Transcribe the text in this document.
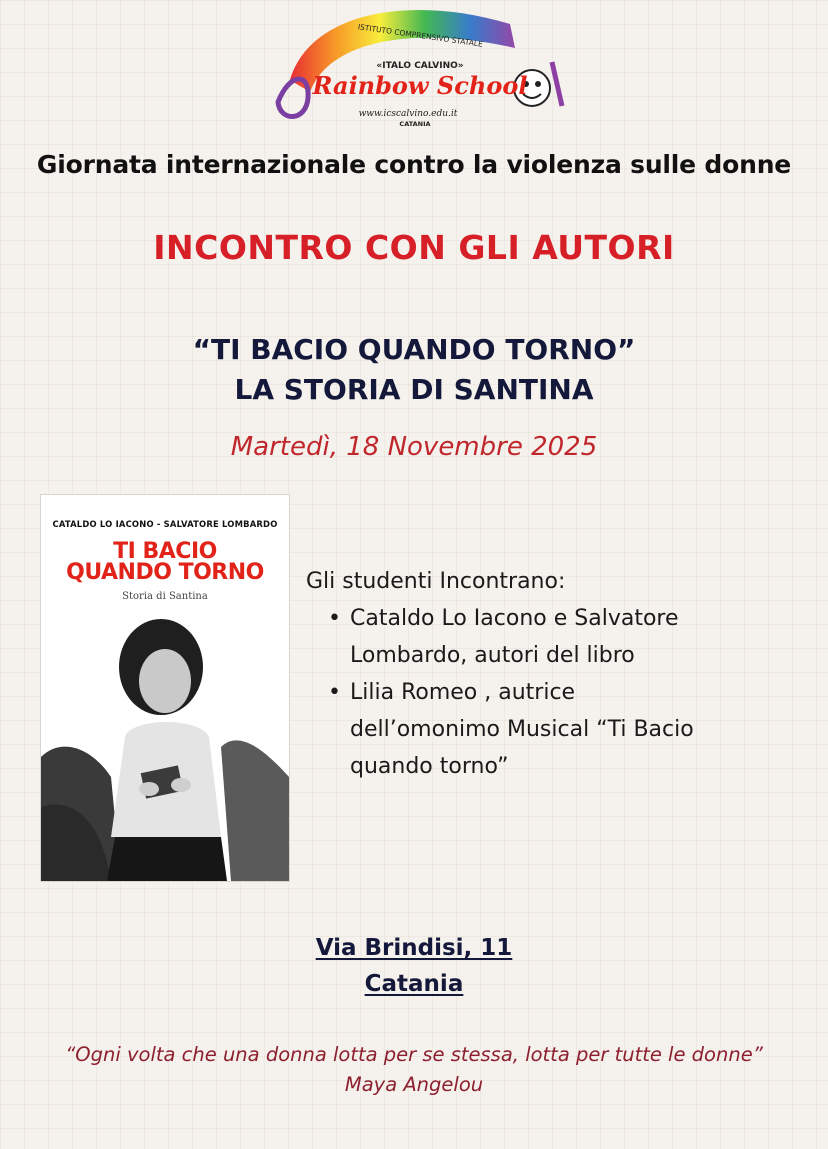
ISTITUTO COMPRENSIVO STATALE
«ITALO CALVINO»
Rainbow School
www.icscalvino.edu.it
CATANIA
Giornata internazionale contro la violenza sulle donne
INCONTRO CON GLI AUTORI
“TI BACIO QUANDO TORNO”
LA STORIA DI SANTINA
Martedì, 18 Novembre 2025
CATALDO LO IACONO - SALVATORE LOMBARDO
TI BACIO
QUANDO TORNO
Storia di Santina
Gli studenti Incontrano:
• Cataldo Lo Iacono e Salvatore
Lombardo, autori del libro
• Lilia Romeo , autrice
dell’omonimo Musical “Ti Bacio
quando torno”
Via Brindisi, 11
Catania
“Ogni volta che una donna lotta per se stessa, lotta per tutte le donne”
Maya Angelou
